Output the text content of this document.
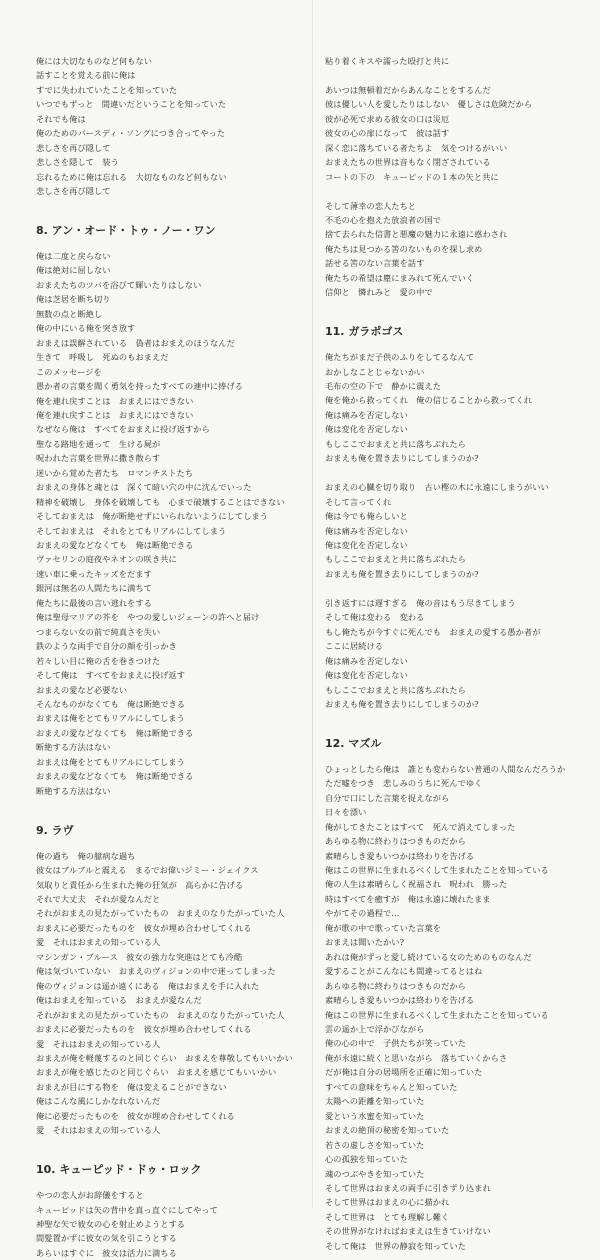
俺には大切なものなど何もない
話すことを覚える前に俺は
すでに失われていたことを知っていた
いつでもずっと　間違いだということを知っていた
それでも俺は
俺のためのバースディ・ソングにつき合ってやった
悲しさを再び隠して
悲しさを隠して　装う
忘れるために俺は忘れる　大切なものなど何もない
悲しさを再び隠して
8. アン・オード・トゥ・ノー・ワン
俺は二度と戻らない
俺は絶対に屈しない
おまえたちのツバを浴びて輝いたりはしない
俺は芝居を断ち切り
無数の点と断絶し
俺の中にいる俺を突き放す
おまえは誤解されている　偽者はおまえのほうなんだ
生きて　呼吸し　死ぬのもおまえだ
このメッセージを
愚か者の言葉を聞く勇気を持ったすべての連中に捧げる
俺を連れ戻すことは　おまえにはできない
俺を連れ戻すことは　おまえにはできない
なぜなら俺は　すべてをおまえに投げ返すから
聖なる路地を通って　生ける屍が
呪われた言葉を世界に撒き散らす
迷いから覚めた者たち　ロマンチストたち
おまえの身体と魂とは　深くて暗い穴の中に沈んでいった
精神を破壊し　身体を破壊しても　心まで破壊することはできない
そしておまえは　俺が断絶せずにいられないようにしてしまう
そしておまえは　それをとてもリアルにしてしまう
おまえの愛などなくても　俺は断絶できる
ヴァセリンの庭夜やネオンの咲き共に
速い車に乗ったキッズをだます
銀河は無名の人間たちに満ちて
俺たちに最後の言い逃れをする
俺は聖母マリアの芥を　やつの愛しいジェーンの許へと届け
つまらない女の前で純真さを失い
鉄のような両手で自分の顔を引っかき
若々しい目に俺の舌を巻きつけた
そして俺は　すべてをおまえに投げ返す
おまえの愛など必要ない
そんなものがなくても　俺は断絶できる
おまえは俺をとてもリアルにしてしまう
おまえの愛などなくても　俺は断絶できる
断絶する方法はない
おまえは俺をとてもリアルにしてしまう
おまえの愛などなくても　俺は断絶できる
断絶する方法はない
9. ラヴ
俺の過ち　俺の臆病な過ち
彼女はブルブルと震える　まるでお偉いジミー・ジェイクス
気取りと責任から生まれた俺の狂気が　高らかに告げる
それで大丈夫　それが愛なんだと
それがおまえの見たがっていたもの　おまえのなりたがっていた人
おまえに必要だったものを　彼女が埋め合わせしてくれる
愛　それはおまえの知っている人
マシンガン・ブルース　彼女の強力な突進はとても冷酷
俺は気づいていない　おまえのヴィジョンの中で迷ってしまった
俺のヴィジョンは遥か遠くにある　俺はおまえを手に入れた
俺はおまえを知っている　おまえが愛なんだ
それがおまえの見たがっていたもの　おまえのなりたがっていた人
おまえに必要だったものを　彼女が埋め合わせしてくれる
愛　それはおまえの知っている人
おまえが俺を軽蔑するのと同じぐらい　おまえを尊敬してもいいかい
おまえが俺を感じたのと同じぐらい　おまえを感じてもいいかい
おまえが目にする物を　俺は変えることができない
俺はこんな風にしかなれないんだ
俺に必要だったものを　彼女が埋め合わせしてくれる
愛　それはおまえの知っている人
10. キューピッド・ドゥ・ロック
やつの恋人がお辞儀をすると
キューピッドは矢の背中を真っ直ぐにしてやって
神聖な矢で彼女の心を射止めようとする
間髪置かずに彼女の気を引こうとする
あらいはすぐに　彼女は活力に満ちる
粘り着くキスや濡った殴打と共に
あいつは無頓着だからあんなことをするんだ
彼は優しい人を愛したりはしない　優しさは危険だから
彼が必死で求める彼女の口は災厄
彼女の心の扉になって　彼は話す
深く恋に落ちている者たちよ　気をつけるがいい
おまえたちの世界は音もなく閉ざされている
コートの下の　キューピッドの１本の矢と共に
そして薄幸の恋人たちと
不毛の心を抱えた放浪者の国で
捨て去られた信書と悪魔の魅力に永遠に惑わされ
俺たちは見つかる筈のないものを探し求め
話せる筈のない言葉を話す
俺たちの希望は塵にまみれて死んでいく
信仰と　憐れみと　愛の中で
11. ガラポゴス
俺たちがまだ子供のふりをしてるなんて
おかしなことじゃないかい
毛布の空の下で　静かに震えた
俺を俺から救ってくれ　俺の信じることから救ってくれ
俺は痛みを否定しない
俺は変化を否定しない
もしここでおまえと共に落ちぶれたら
おまえも俺を置き去りにしてしまうのか?
おまえの心臓を切り取り　古い樫の木に永遠にしまうがいい
そして言ってくれ
俺は今でも俺らしいと
俺は痛みを否定しない
俺は変化を否定しない
もしここでおまえと共に落ちぶれたら
おまえも俺を置き去りにしてしまうのか?
引き返すには遅すぎる　俺の音はもう尽きてしまう
そして俺は変わる　変わる
もし俺たちが今すぐに死んでも　おまえの愛する愚か者が
ここに居続ける
俺は痛みを否定しない
俺は変化を否定しない
もしここでおまえと共に落ちぶれたら
おまえも俺を置き去りにしてしまうのか?
12. マズル
ひょっとしたら俺は　誰とも変わらない普通の人間なんだろうか
ただ嘘をつき　悲しみのうちに死んでゆく
自分で口にした言葉を捉えながら
日々を漂い
俺がしてきたことはすべて　死んで消えてしまった
あらゆる物に終わりはつきものだから
素晴らしき愛もいつかは終わりを告げる
俺はこの世界に生まれるべくして生まれたことを知っている
俺の人生は素晴らしく祝福され　呪われ　勝った
時はすべてを癒すが　俺は永遠に壊れたまま
やがてその過程で…
俺が歌の中で歌っていた言葉を
おまえは聞いたかい?
あれは俺がずっと愛し続けている女のためのものなんだ
愛することがこんなにも間違ってるとはね
あらゆる物に終わりはつきものだから
素晴らしき愛もいつかは終わりを告げる
俺はこの世界に生まれるべくして生まれたことを知っている
雲の遥か上で浮かびながら
俺の心の中で　子供たちが笑っていた
俺が永遠に続くと思いながら　落ちていくからさ
だが俺は自分の居場所を正確に知っていた
すべての意味をちゃんと知っていた
太陽への距離を知っていた
愛という水蜜を知っていた
おまえの絶頂の秘密を知っていた
若さの虚しさを知っていた
心の孤独を知っていた
魂のつぶやきを知っていた
そして世界はおまえの両手に引きずり込まれ
そして世界はおまえの心に描かれ
そして世界は　とても理解し難く
その世界がなければおまえは生きていけない
そして俺は　世界の静寂を知っていた
